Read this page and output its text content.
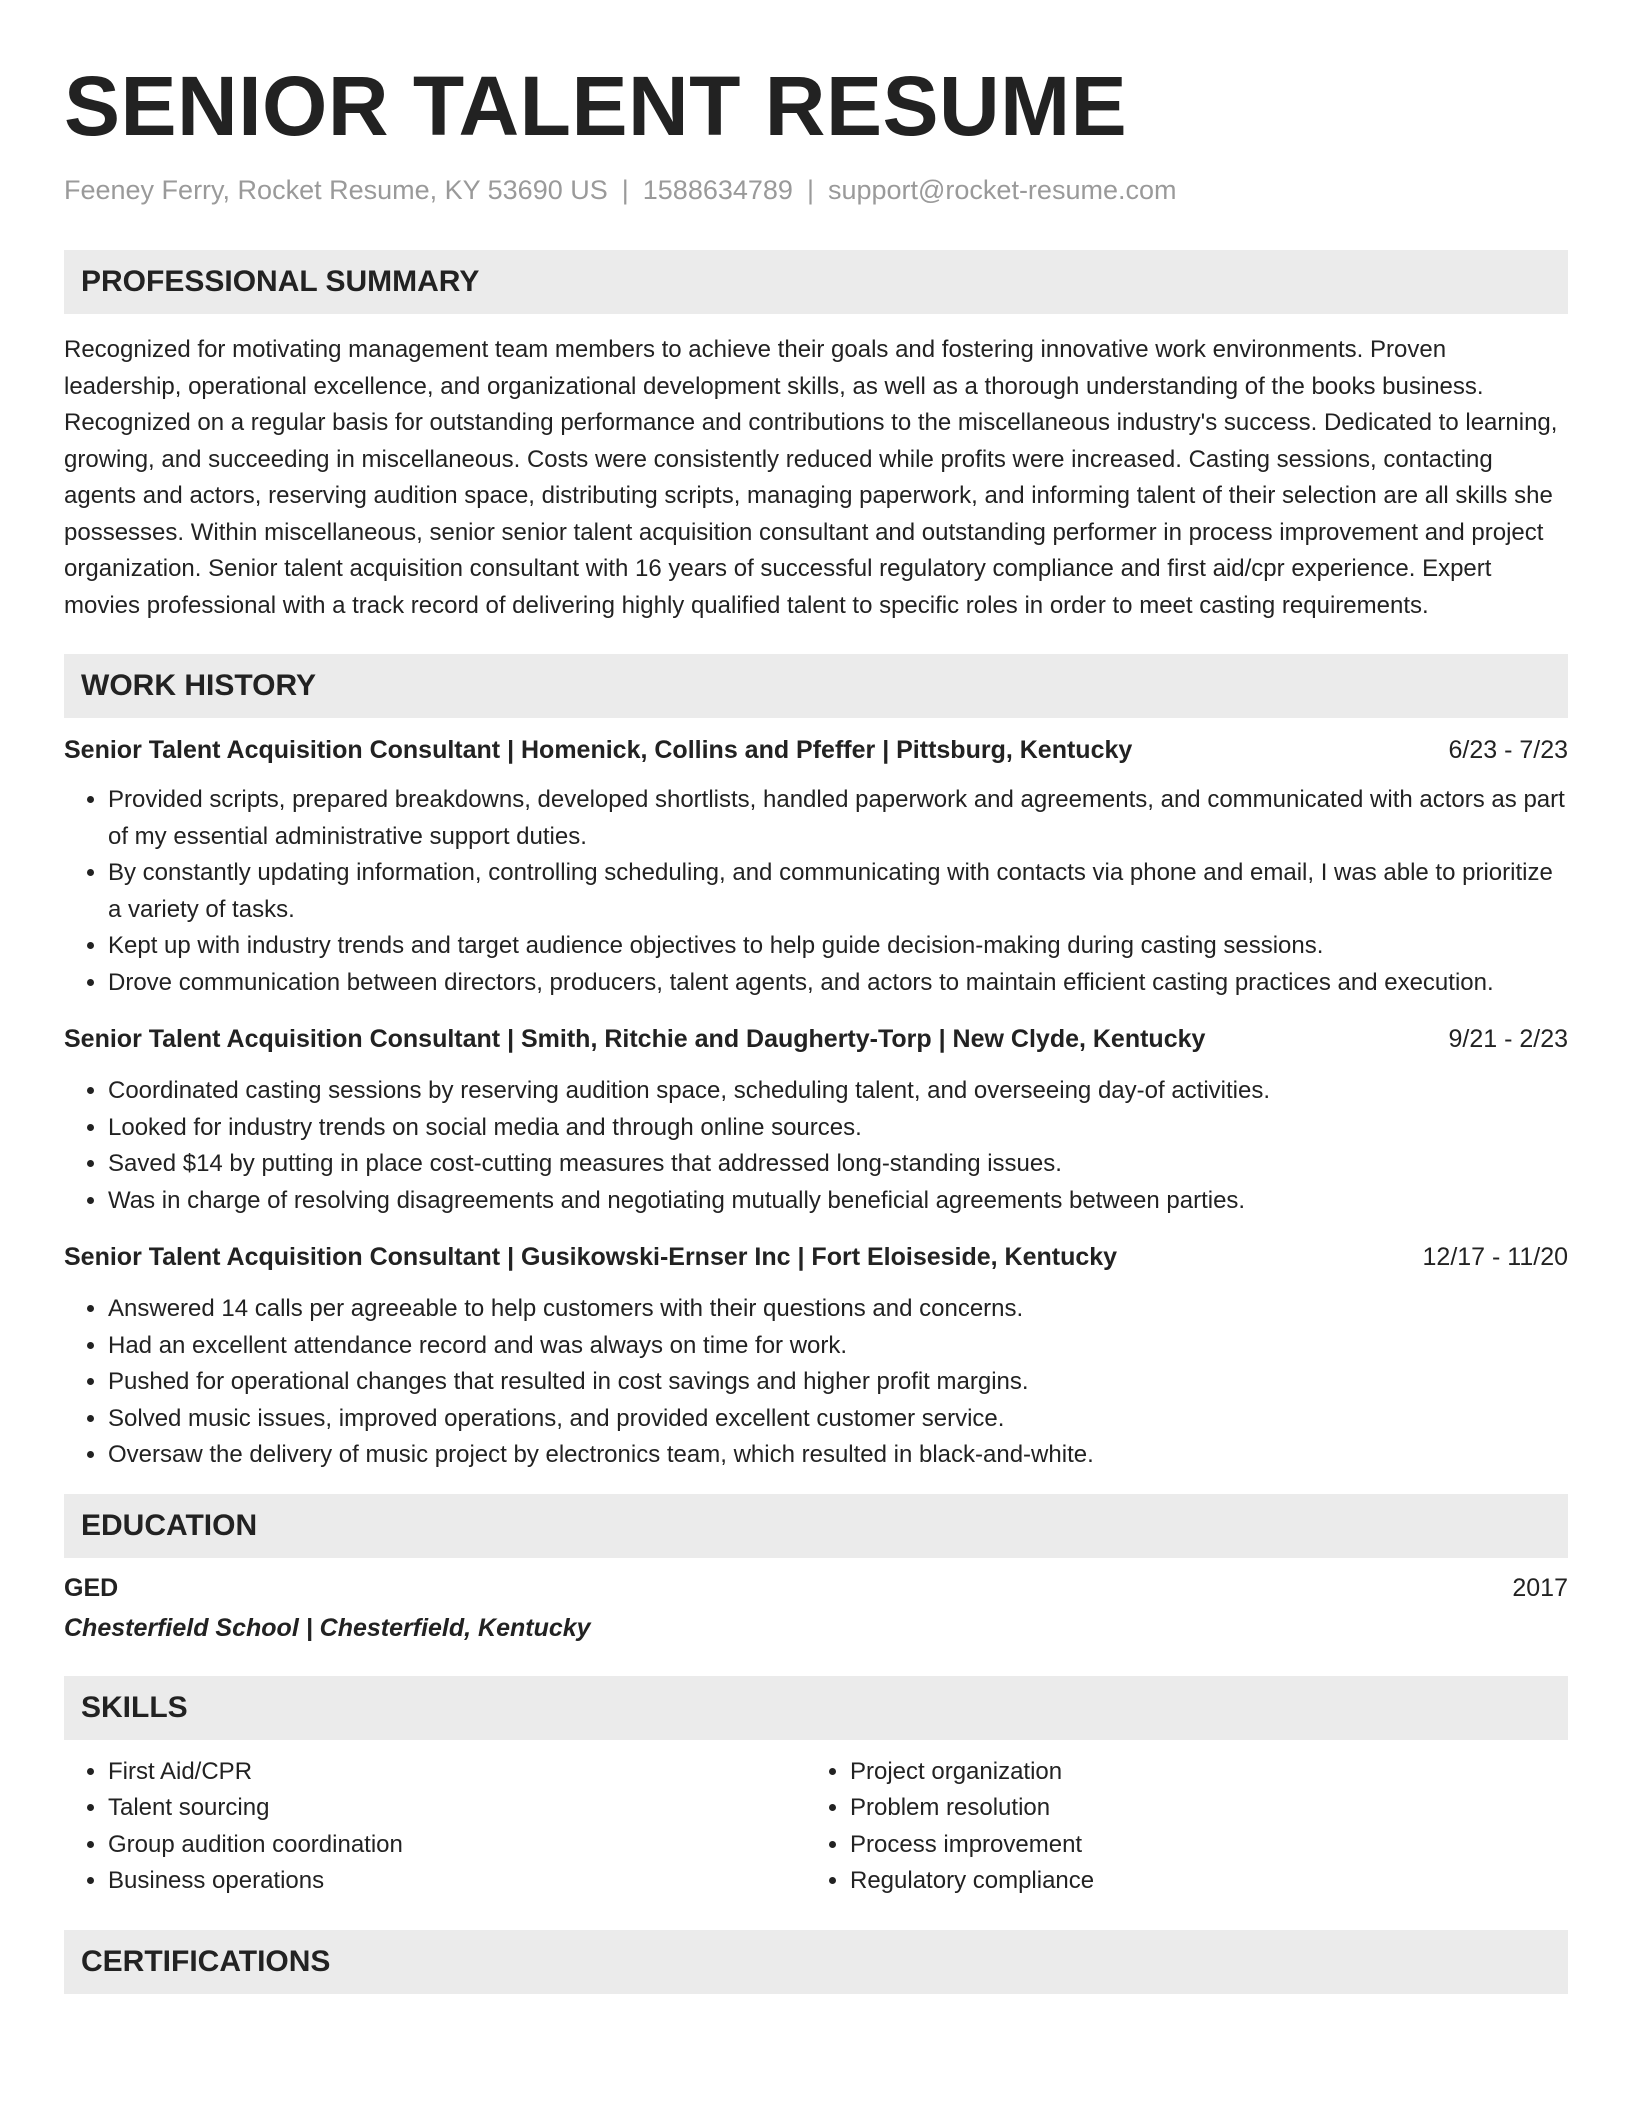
SENIOR TALENT RESUME
Feeney Ferry, Rocket Resume, KY 53690 US | 1588634789 | support@rocket-resume.com
PROFESSIONAL SUMMARY

Recognized for motivating management team members to achieve their goals and fostering innovative work environments. Proven leadership, operational excellence, and organizational development skills, as well as a thorough understanding of the books business. Recognized on a regular basis for outstanding performance and contributions to the miscellaneous industry's success. Dedicated to learning, growing, and succeeding in miscellaneous. Costs were consistently reduced while profits were increased. Casting sessions, contacting agents and actors, reserving audition space, distributing scripts, managing paperwork, and informing talent of their selection are all skills she possesses. Within miscellaneous, senior senior talent acquisition consultant and outstanding performer in process improvement and project organization. Senior talent acquisition consultant with 16 years of successful regulatory compliance and first aid/cpr experience. Expert movies professional with a track record of delivering highly qualified talent to specific roles in order to meet casting requirements.

WORK HISTORY
Senior Talent Acquisition Consultant | Homenick, Collins and Pfeffer | Pittsburg, Kentucky	6/23 - 7/23
• Provided scripts, prepared breakdowns, developed shortlists, handled paperwork and agreements, and communicated with actors as part of my essential administrative support duties.
• By constantly updating information, controlling scheduling, and communicating with contacts via phone and email, I was able to prioritize a variety of tasks.
• Kept up with industry trends and target audience objectives to help guide decision-making during casting sessions.
• Drove communication between directors, producers, talent agents, and actors to maintain efficient casting practices and execution.
Senior Talent Acquisition Consultant | Smith, Ritchie and Daugherty-Torp | New Clyde, Kentucky	9/21 - 2/23
• Coordinated casting sessions by reserving audition space, scheduling talent, and overseeing day-of activities.
• Looked for industry trends on social media and through online sources.
• Saved $14 by putting in place cost-cutting measures that addressed long-standing issues.
• Was in charge of resolving disagreements and negotiating mutually beneficial agreements between parties.
Senior Talent Acquisition Consultant | Gusikowski-Ernser Inc | Fort Eloiseside, Kentucky	12/17 - 11/20
• Answered 14 calls per agreeable to help customers with their questions and concerns.
• Had an excellent attendance record and was always on time for work.
• Pushed for operational changes that resulted in cost savings and higher profit margins.
• Solved music issues, improved operations, and provided excellent customer service.
• Oversaw the delivery of music project by electronics team, which resulted in black-and-white.
EDUCATION
GED	2017
Chesterfield School | Chesterfield, Kentucky
SKILLS
• First Aid/CPR
• Talent sourcing
• Group audition coordination
• Business operations
• Project organization
• Problem resolution
• Process improvement
• Regulatory compliance
CERTIFICATIONS
